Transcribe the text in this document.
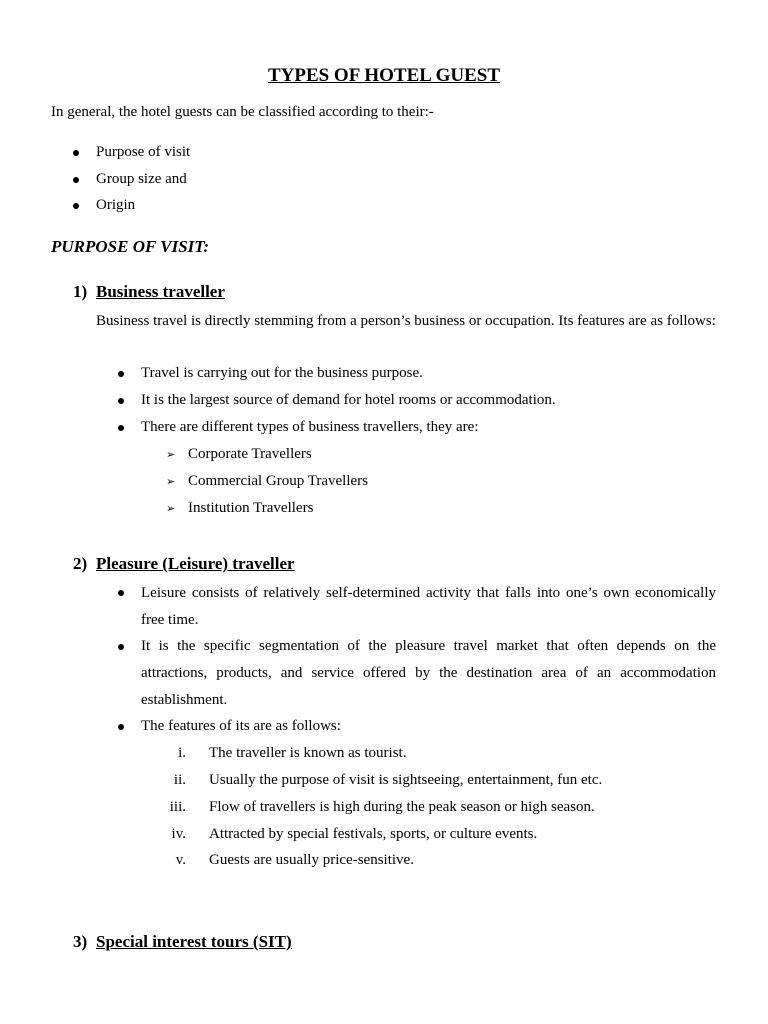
TYPES OF HOTEL GUEST
In general, the hotel guests can be classified according to their:-
Purpose of visit
Group size and
Origin
PURPOSE OF VISIT:
1) Business traveller
Business travel is directly stemming from a person’s business or occupation. Its features are as follows:
Travel is carrying out for the business purpose.
It is the largest source of demand for hotel rooms or accommodation.
There are different types of business travellers, they are:
➢ Corporate Travellers
➢ Commercial Group Travellers
➢ Institution Travellers
2) Pleasure (Leisure) traveller
Leisure consists of relatively self-determined activity that falls into one’s own economically free time.
It is the specific segmentation of the pleasure travel market that often depends on the attractions, products, and service offered by the destination area of an accommodation establishment.
The features of its are as follows:
i. The traveller is known as tourist.
ii. Usually the purpose of visit is sightseeing, entertainment, fun etc.
iii. Flow of travellers is high during the peak season or high season.
iv. Attracted by special festivals, sports, or culture events.
v. Guests are usually price-sensitive.
3) Special interest tours (SIT)
